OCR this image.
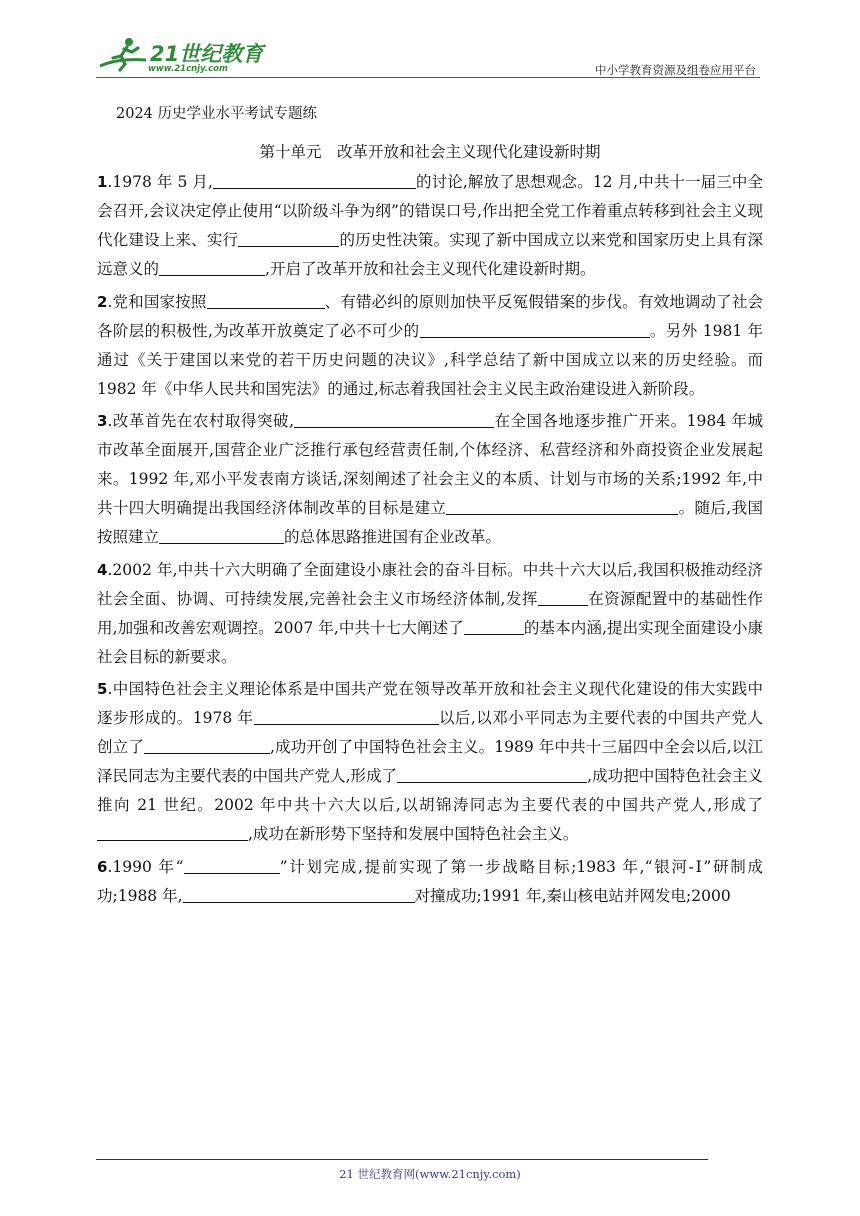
21世纪教育
www.21cnjy.com	中小学教育资源及组卷应用平台
2024 历史学业水平考试专题练
第十单元　改革开放和社会主义现代化建设新时期

1.1978 年 5 月,	的讨论,解放了思想观念。12 月,中共十一届三中全会召开,会议决定停止使用“以阶级斗争为纲”的错误口号,作出把全党工作着重点转移到社会主义现代化建设上来、实行	的历史性决策。实现了新中国成立以来党和国家历史上具有深远意义的	,开启了改革开放和社会主义现代化建设新时期。

2.党和国家按照	、有错必纠的原则加快平反冤假错案的步伐。有效地调动了社会各阶层的积极性,为改革开放奠定了必不可少的	。另外 1981 年通过《关于建国以来党的若干历史问题的决议》,科学总结了新中国成立以来的历史经验。而 1982 年《中华人民共和国宪法》的通过,标志着我国社会主义民主政治建设进入新阶段。

3.改革首先在农村取得突破,	在全国各地逐步推广开来。1984 年城市改革全面展开,国营企业广泛推行承包经营责任制,个体经济、私营经济和外商投资企业发展起来。1992 年,邓小平发表南方谈话,深刻阐述了社会主义的本质、计划与市场的关系;1992 年,中共十四大明确提出我国经济体制改革的目标是建立	。随后,我国按照建立	的总体思路推进国有企业改革。

4.2002 年,中共十六大明确了全面建设小康社会的奋斗目标。中共十六大以后,我国积极推动经济社会全面、协调、可持续发展,完善社会主义市场经济体制,发挥	在资源配置中的基础性作用,加强和改善宏观调控。2007 年,中共十七大阐述了	的基本内涵,提出实现全面建设小康社会目标的新要求。

5.中国特色社会主义理论体系是中国共产党在领导改革开放和社会主义现代化建设的伟大实践中逐步形成的。1978 年	以后,以邓小平同志为主要代表的中国共产党人创立了	,成功开创了中国特色社会主义。1989 年中共十三届四中全会以后,以江泽民同志为主要代表的中国共产党人,形成了	,成功把中国特色社会主义推向 21 世纪。2002 年中共十六大以后,以胡锦涛同志为主要代表的中国共产党人,形成了,成功在新形势下坚持和发展中国特色社会主义。

6.1990 年“	”计划完成,提前实现了第一步战略目标;1983 年,“银河-Ⅰ”研制成功;1988 年,	对撞成功;1991 年,秦山核电站并网发电;2000

21 世纪教育网(www.21cnjy.com)
